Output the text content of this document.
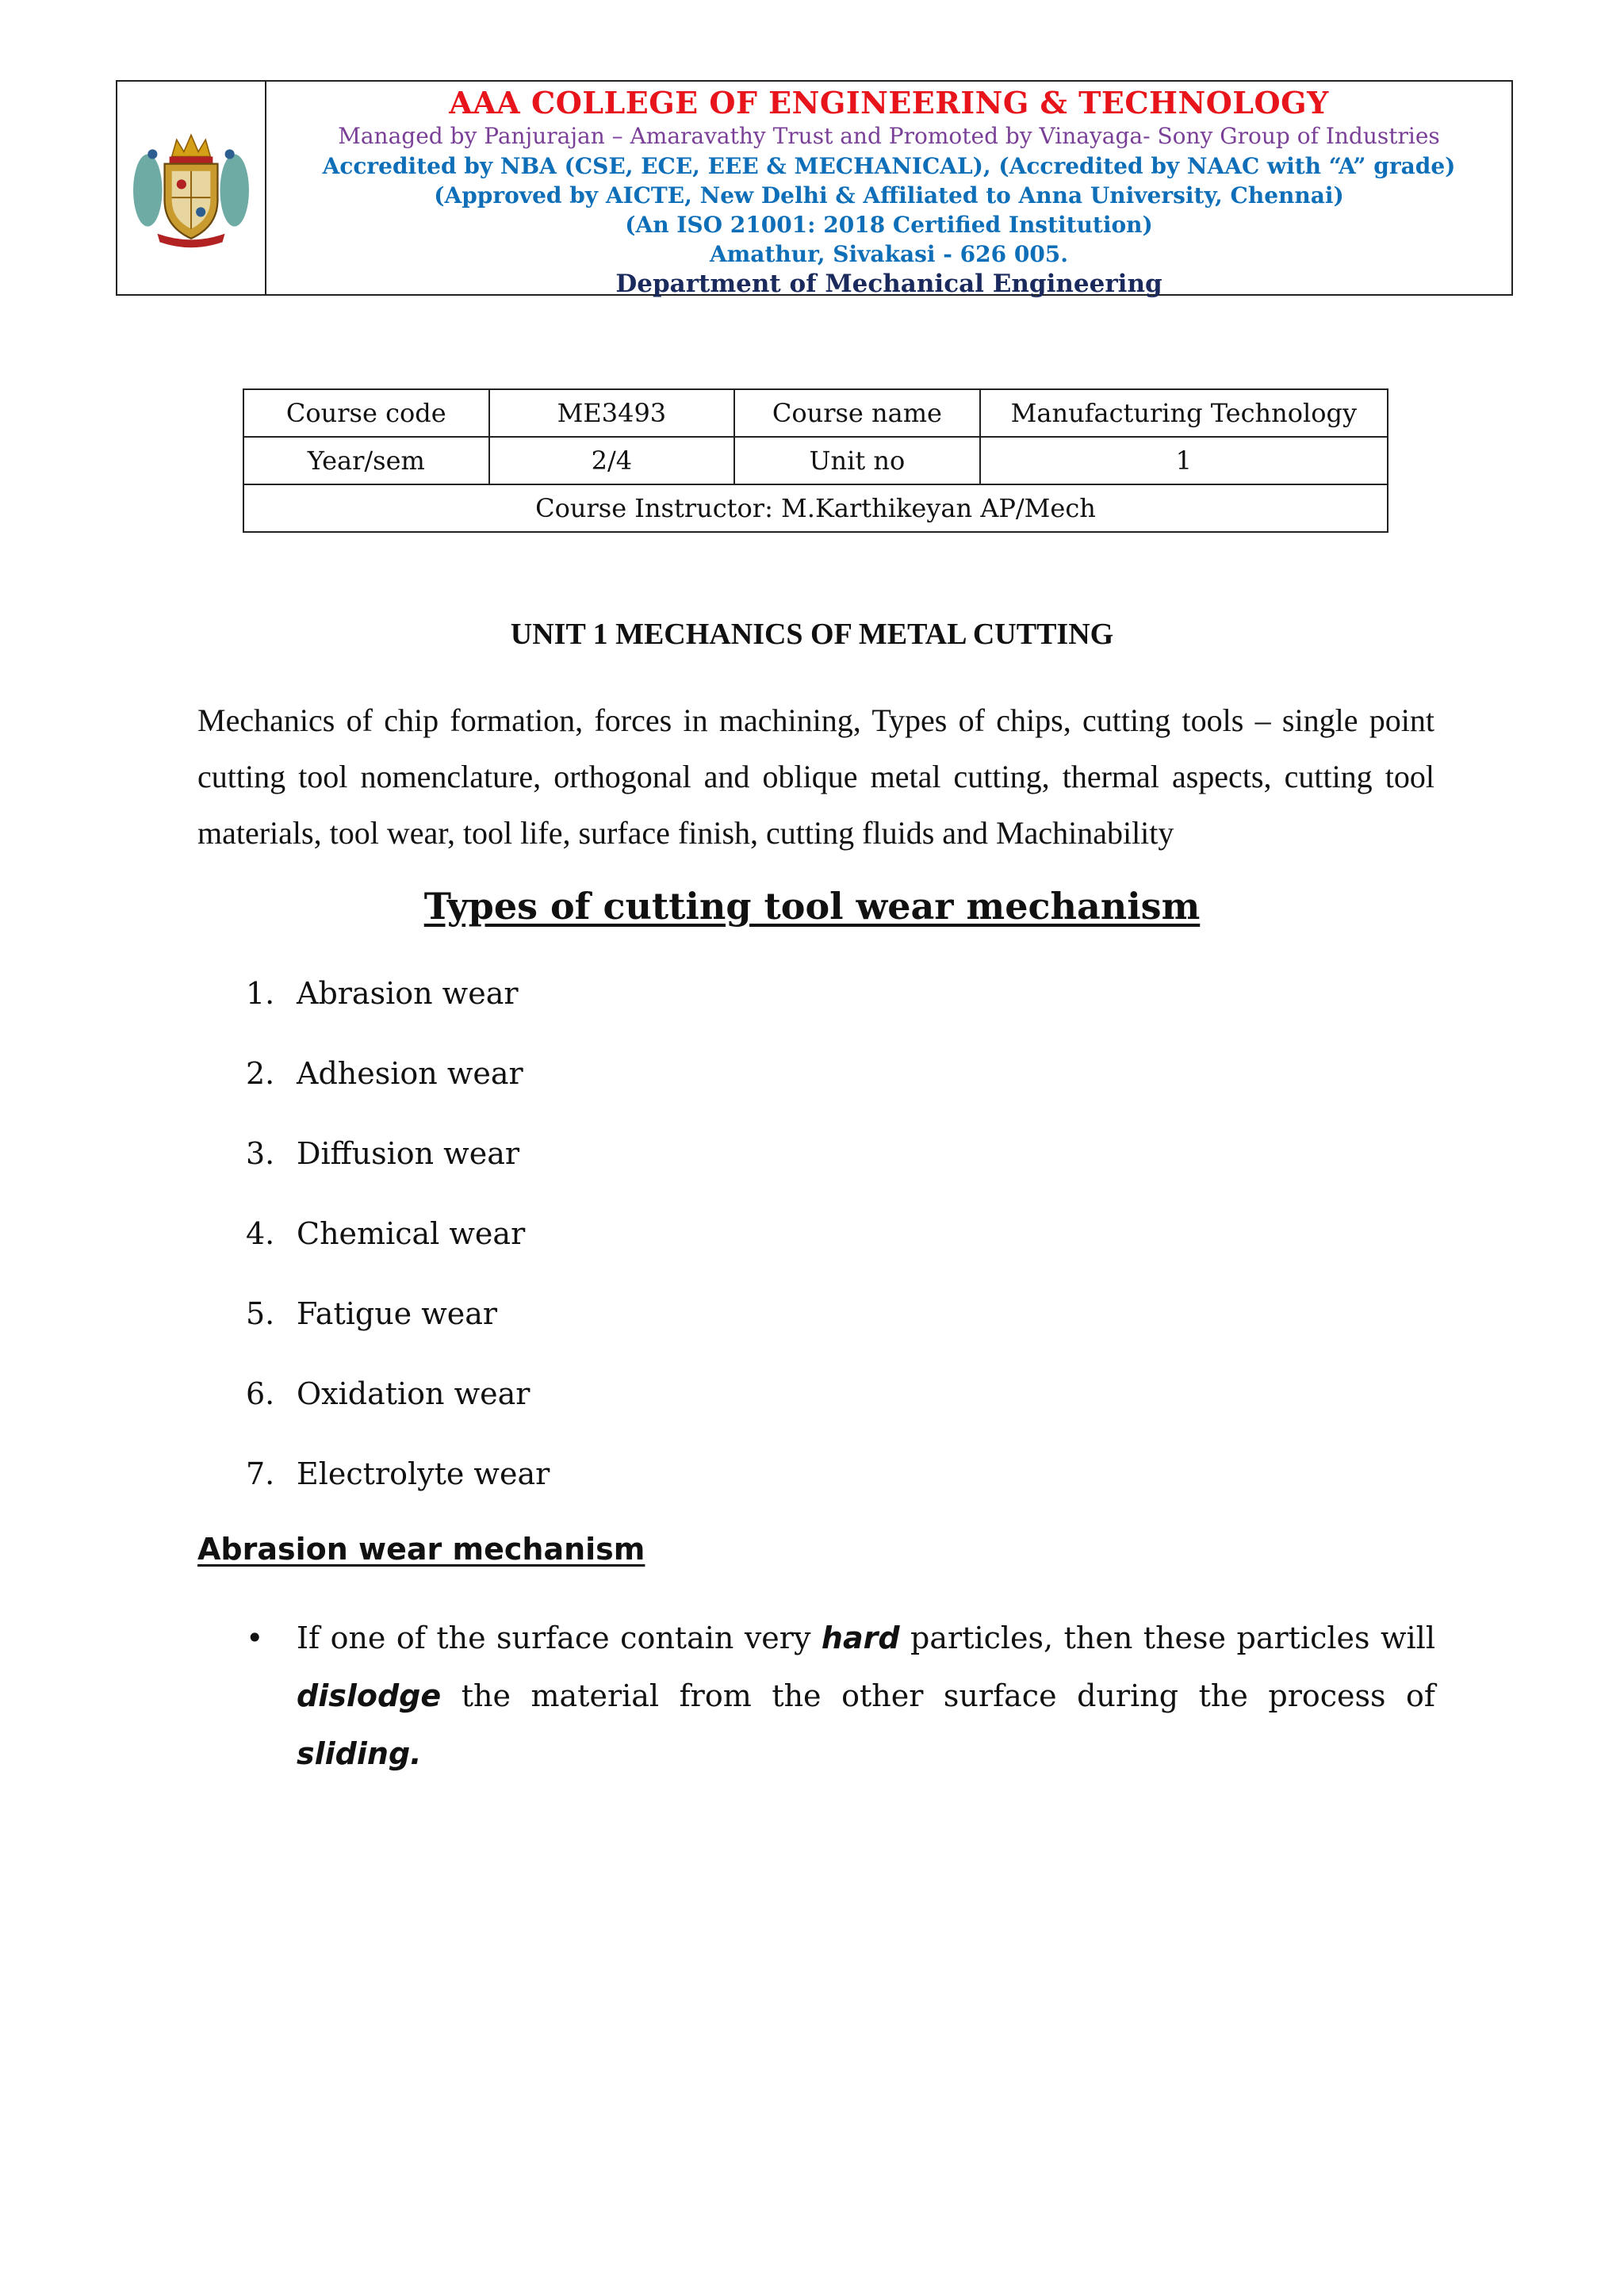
AAA COLLEGE OF ENGINEERING & TECHNOLOGY
Managed by Panjurajan – Amaravathy Trust and Promoted by Vinayaga- Sony Group of Industries
Accredited by NBA (CSE, ECE, EEE & MECHANICAL), (Accredited by NAAC with “A” grade)
(Approved by AICTE, New Delhi & Affiliated to Anna University, Chennai)
(An ISO 21001: 2018 Certified Institution)
Amathur, Sivakasi - 626 005.
Department of Mechanical Engineering
Course code	ME3493	Course name	Manufacturing Technology
Year/sem	2/4	Unit no	1
Course Instructor: M.Karthikeyan AP/Mech			
UNIT 1 MECHANICS OF METAL CUTTING
Mechanics of chip formation, forces in machining, Types of chips, cutting tools – single point cutting tool nomenclature, orthogonal and oblique metal cutting, thermal aspects, cutting tool materials, tool wear, tool life, surface finish, cutting fluids and Machinability
Types of cutting tool wear mechanism
1. Abrasion wear
2. Adhesion wear
3. Diffusion wear
4. Chemical wear
5. Fatigue wear
6. Oxidation wear
7. Electrolyte wear
Abrasion wear mechanism
•	If one of the surface contain very hard particles, then these particles will dislodge the material from the other surface during the process of sliding.
